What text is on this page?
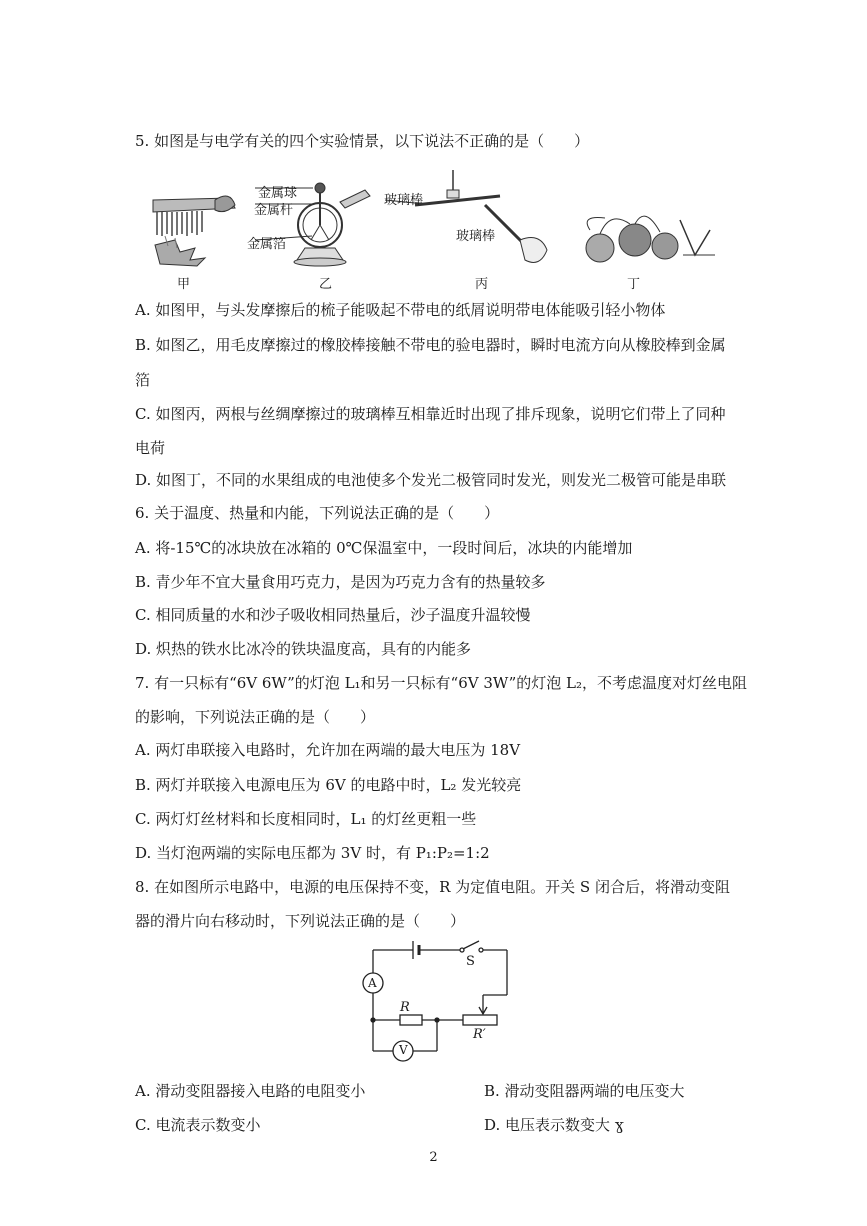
5. 如图是与电学有关的四个实验情景，以下说法不正确的是（　　）
金属球
金属杆
金属箔
玻璃棒
玻璃棒
甲	乙	丙	丁
A. 如图甲，与头发摩擦后的梳子能吸起不带电的纸屑说明带电体能吸引轻小物体
B. 如图乙，用毛皮摩擦过的橡胶棒接触不带电的验电器时，瞬时电流方向从橡胶棒到金属
箔
C. 如图丙，两根与丝绸摩擦过的玻璃棒互相靠近时出现了排斥现象，说明它们带上了同种
电荷
D. 如图丁，不同的水果组成的电池使多个发光二极管同时发光，则发光二极管可能是串联
6. 关于温度、热量和内能，下列说法正确的是（　　）
A. 将-15℃的冰块放在冰箱的 0℃保温室中，一段时间后，冰块的内能增加
B. 青少年不宜大量食用巧克力，是因为巧克力含有的热量较多
C. 相同质量的水和沙子吸收相同热量后，沙子温度升温较慢
D. 炽热的铁水比冰冷的铁块温度高，具有的内能多
7. 有一只标有“6V 6W”的灯泡 L₁和另一只标有“6V 3W”的灯泡 L₂，不考虑温度对灯丝电阻
的影响，下列说法正确的是（　　）
A. 两灯串联接入电路时，允许加在两端的最大电压为 18V
B. 两灯并联接入电源电压为 6V 的电路中时，L₂ 发光较亮
C. 两灯灯丝材料和长度相同时，L₁ 的灯丝更粗一些
D. 当灯泡两端的实际电压都为 3V 时，有 P₁:P₂=1:2
8. 在如图所示电路中，电源的电压保持不变，R 为定值电阻。开关 S 闭合后，将滑动变阻
器的滑片向右移动时，下列说法正确的是（　　）
A
S
R
R′
V
A. 滑动变阻器接入电路的电阻变小	B. 滑动变阻器两端的电压变大
C. 电流表示数变小	D. 电压表示数变大 ɣ
2
